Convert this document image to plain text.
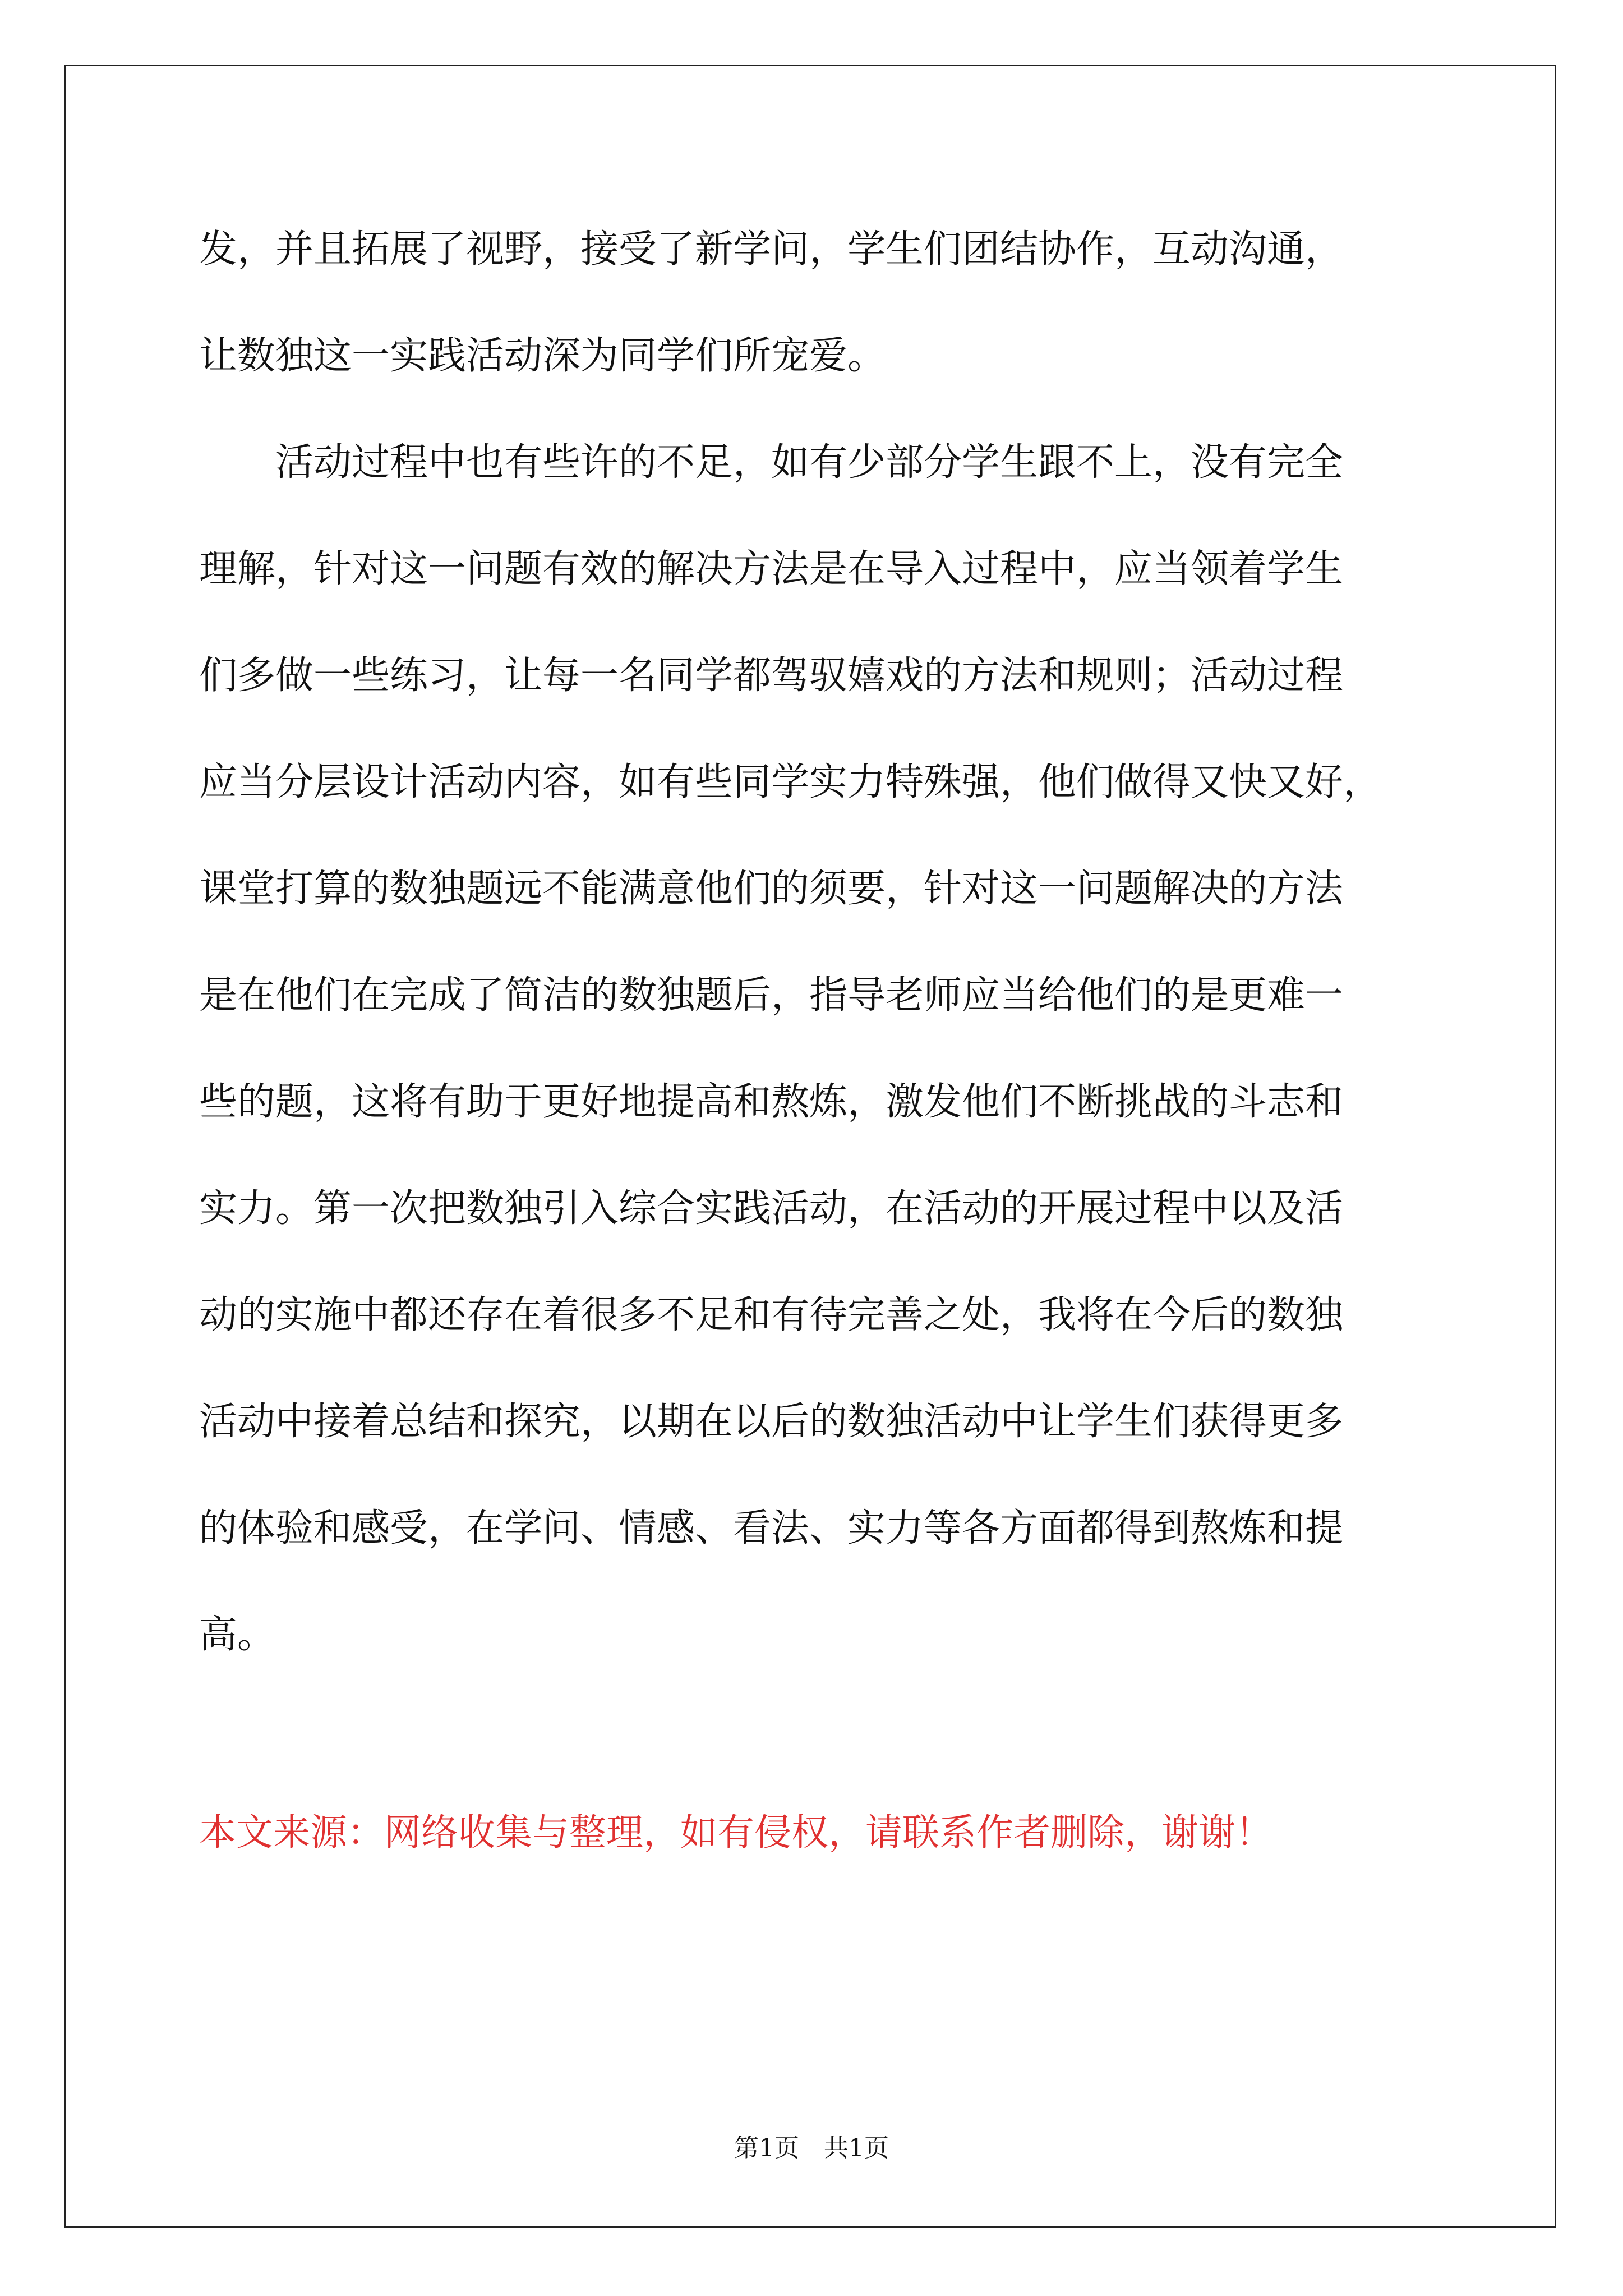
发，并且拓展了视野，接受了新学问，学生们团结协作，互动沟通，

让数独这一实践活动深为同学们所宠爱。

　　活动过程中也有些许的不足，如有少部分学生跟不上，没有完全

理解，针对这一问题有效的解决方法是在导入过程中，应当领着学生

们多做一些练习，让每一名同学都驾驭嬉戏的方法和规则；活动过程

应当分层设计活动内容，如有些同学实力特殊强，他们做得又快又好，

课堂打算的数独题远不能满意他们的须要，针对这一问题解决的方法

是在他们在完成了简洁的数独题后，指导老师应当给他们的是更难一

些的题，这将有助于更好地提高和熬炼，激发他们不断挑战的斗志和

实力。第一次把数独引入综合实践活动，在活动的开展过程中以及活

动的实施中都还存在着很多不足和有待完善之处，我将在今后的数独

活动中接着总结和探究，以期在以后的数独活动中让学生们获得更多

的体验和感受，在学问、情感、看法、实力等各方面都得到熬炼和提

高。

本文来源：网络收集与整理，如有侵权，请联系作者删除，谢谢！

第1页 共1页
